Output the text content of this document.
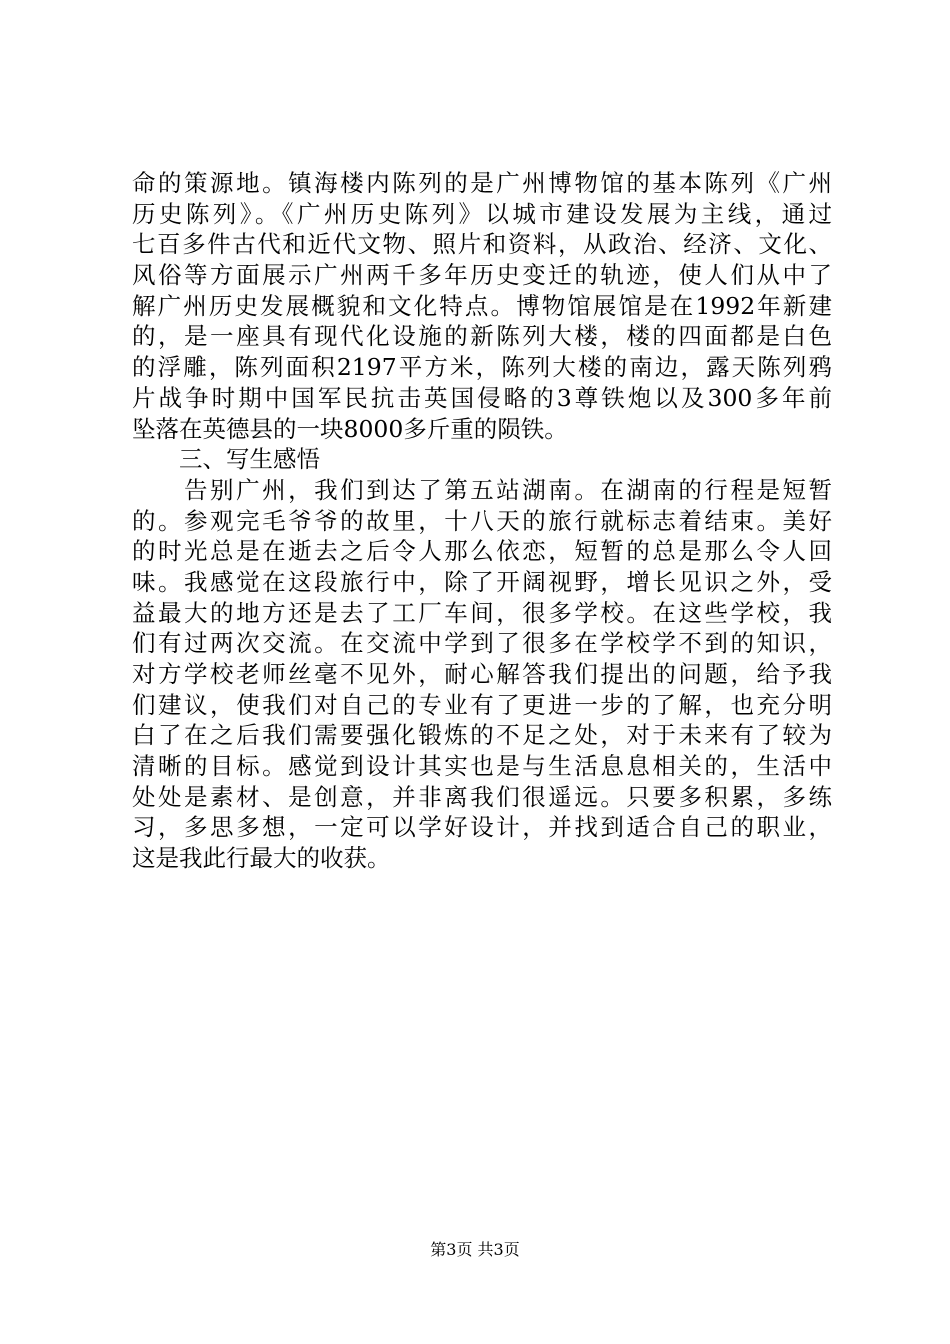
命的策源地。镇海楼内陈列的是广州博物馆的基本陈列《广州
历史陈列》。《广州历史陈列》以城市建设发展为主线，通过
七百多件古代和近代文物、照片和资料，从政治、经济、文化、
风俗等方面展示广州两千多年历史变迁的轨迹，使人们从中了
解广州历史发展概貌和文化特点。博物馆展馆是在1992年新建
的，是一座具有现代化设施的新陈列大楼，楼的四面都是白色
的浮雕，陈列面积2197平方米，陈列大楼的南边，露天陈列鸦
片战争时期中国军民抗击英国侵略的3尊铁炮以及300多年前
坠落在英德县的一块8000多斤重的陨铁。
三、写生感悟
　　告别广州，我们到达了第五站湖南。在湖南的行程是短暂
的。参观完毛爷爷的故里，十八天的旅行就标志着结束。美好
的时光总是在逝去之后令人那么依恋，短暂的总是那么令人回
味。我感觉在这段旅行中，除了开阔视野，增长见识之外，受
益最大的地方还是去了工厂车间，很多学校。在这些学校，我
们有过两次交流。在交流中学到了很多在学校学不到的知识，
对方学校老师丝毫不见外，耐心解答我们提出的问题，给予我
们建议，使我们对自己的专业有了更进一步的了解，也充分明
白了在之后我们需要强化锻炼的不足之处，对于未来有了较为
清晰的目标。感觉到设计其实也是与生活息息相关的，生活中
处处是素材、是创意，并非离我们很遥远。只要多积累，多练
习，多思多想，一定可以学好设计，并找到适合自己的职业，
这是我此行最大的收获。
第3页 共3页
